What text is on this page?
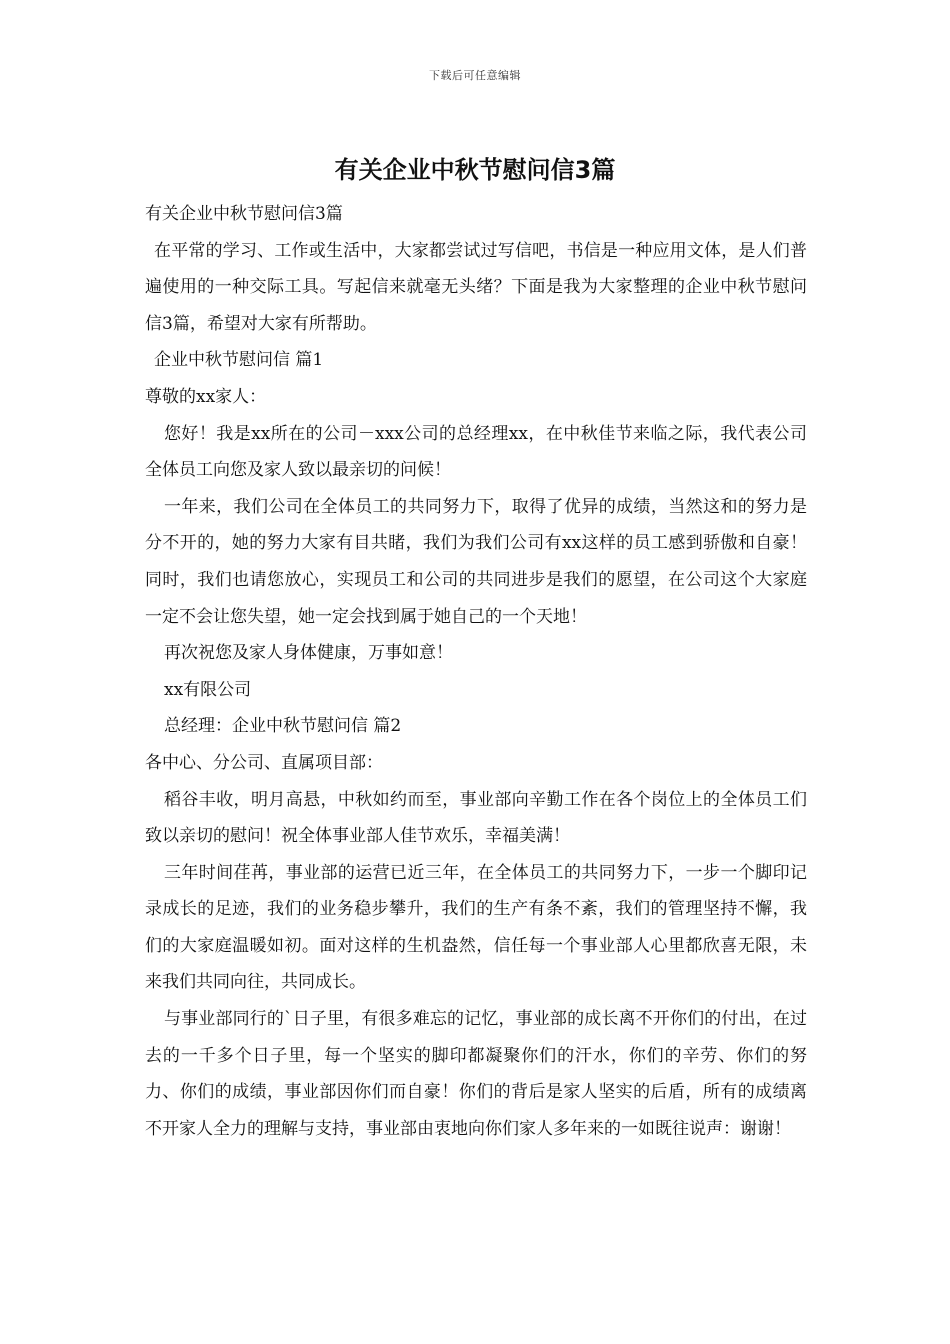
下载后可任意编辑
有关企业中秋节慰问信3篇

有关企业中秋节慰问信3篇

在平常的学习、工作或生活中，大家都尝试过写信吧，书信是一种应用文体，是人们普遍使用的一种交际工具。写起信来就毫无头绪？下面是我为大家整理的企业中秋节慰问信3篇，希望对大家有所帮助。

企业中秋节慰问信 篇1

尊敬的xx家人：

您好！我是xx所在的公司－xxx公司的总经理xx，在中秋佳节来临之际，我代表公司全体员工向您及家人致以最亲切的问候！

一年来，我们公司在全体员工的共同努力下，取得了优异的成绩，当然这和的努力是分不开的，她的努力大家有目共睹，我们为我们公司有xx这样的员工感到骄傲和自豪！同时，我们也请您放心，实现员工和公司的共同进步是我们的愿望，在公司这个大家庭一定不会让您失望，她一定会找到属于她自己的一个天地！

再次祝您及家人身体健康，万事如意！

xx有限公司

总经理：企业中秋节慰问信 篇2

各中心、分公司、直属项目部：

稻谷丰收，明月高悬，中秋如约而至，事业部向辛勤工作在各个岗位上的全体员工们致以亲切的慰问！祝全体事业部人佳节欢乐，幸福美满！

三年时间荏苒，事业部的运营已近三年，在全体员工的共同努力下，一步一个脚印记录成长的足迹，我们的业务稳步攀升，我们的生产有条不紊，我们的管理坚持不懈，我们的大家庭温暖如初。面对这样的生机盎然，信任每一个事业部人心里都欣喜无限，未来我们共同向往，共同成长。

与事业部同行的`日子里，有很多难忘的记忆，事业部的成长离不开你们的付出，在过去的一千多个日子里，每一个坚实的脚印都凝聚你们的汗水，你们的辛劳、你们的努力、你们的成绩，事业部因你们而自豪！你们的背后是家人坚实的后盾，所有的成绩离不开家人全力的理解与支持，事业部由衷地向你们家人多年来的一如既往说声：谢谢！
